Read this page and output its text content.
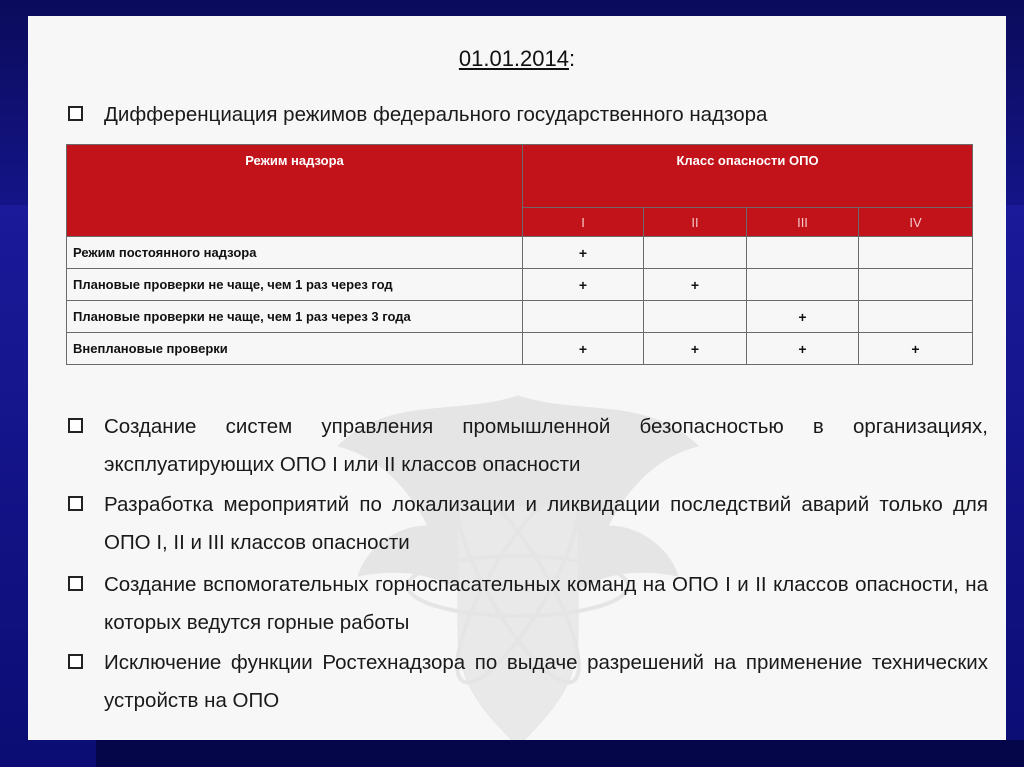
01.01.2014:
Дифференциация режимов федерального государственного надзора
Режим надзора	Класс опасности ОПО			
	I	II	III	IV
Режим постоянного надзора	+			
Плановые проверки не чаще, чем 1 раз через год	+	+		
Плановые проверки не чаще, чем 1 раз через 3 года			+	
Внеплановые проверки	+	+	+	+
Создание систем управления промышленной безопасностью в организациях, эксплуатирующих ОПО I или II классов опасности
Разработка мероприятий по локализации и ликвидации последствий аварий только для ОПО I, II и III классов опасности
Создание вспомогательных горноспасательных команд на ОПО I и II классов опасности, на которых ведутся горные работы
Исключение функции Ростехнадзора по выдаче разрешений на применение технических устройств на ОПО
